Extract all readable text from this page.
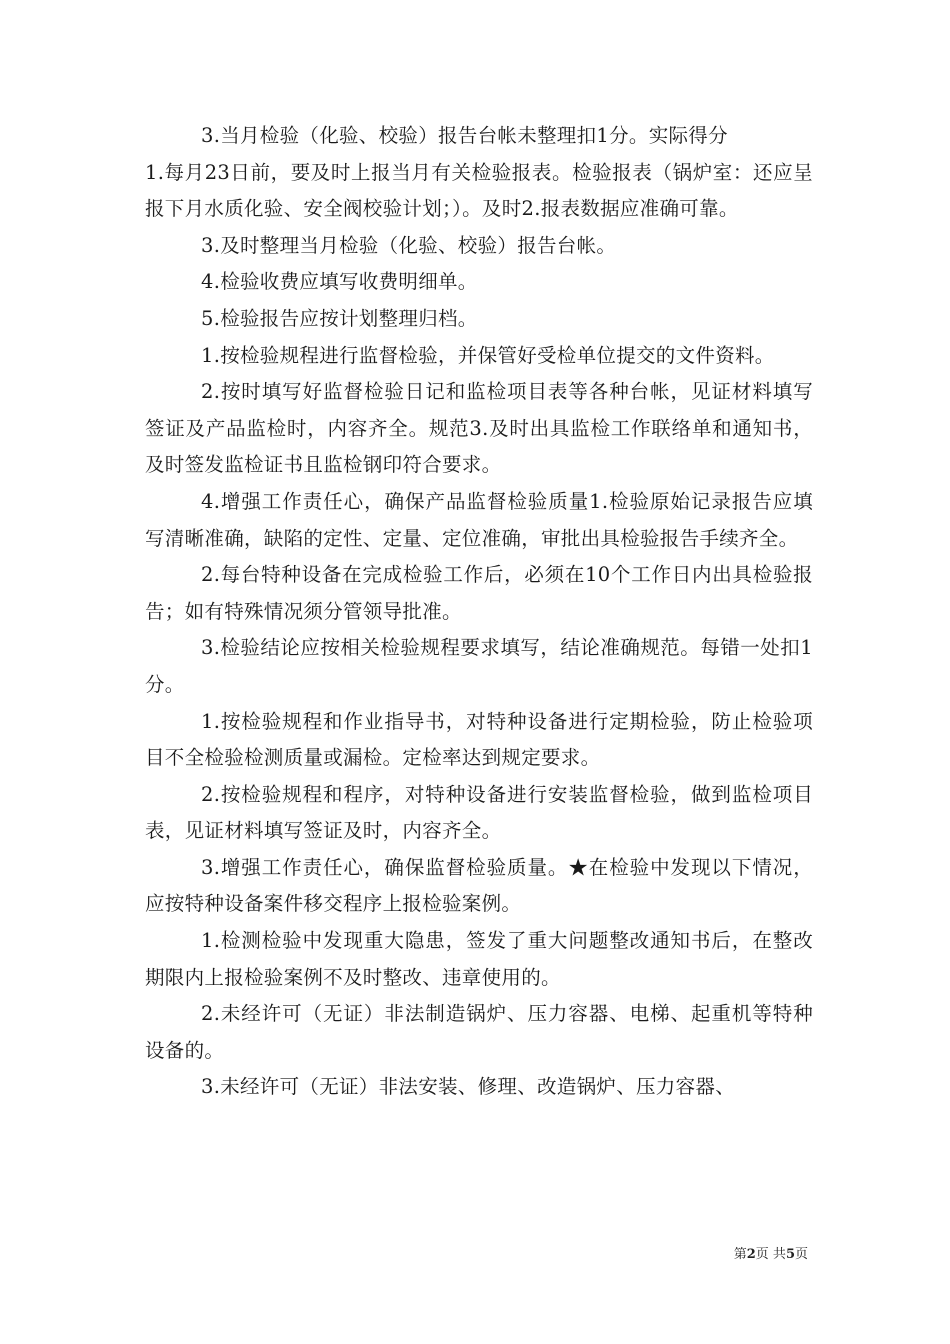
3.当月检验（化验、校验）报告台帐未整理扣1分。实际得分

1.每月23日前，要及时上报当月有关检验报表。检验报表（锅炉室：还应呈报下月水质化验、安全阀校验计划；）。及时2.报表数据应准确可靠。

3.及时整理当月检验（化验、校验）报告台帐。

4.检验收费应填写收费明细单。

5.检验报告应按计划整理归档。

1.按检验规程进行监督检验，并保管好受检单位提交的文件资料。

2.按时填写好监督检验日记和监检项目表等各种台帐，见证材料填写签证及产品监检时，内容齐全。规范3.及时出具监检工作联络单和通知书，及时签发监检证书且监检钢印符合要求。

4.增强工作责任心，确保产品监督检验质量1.检验原始记录报告应填写清晰准确，缺陷的定性、定量、定位准确，审批出具检验报告手续齐全。

2.每台特种设备在完成检验工作后，必须在10个工作日内出具检验报告；如有特殊情况须分管领导批准。

3.检验结论应按相关检验规程要求填写，结论准确规范。每错一处扣1分。

1.按检验规程和作业指导书，对特种设备进行定期检验，防止检验项目不全检验检测质量或漏检。定检率达到规定要求。

2.按检验规程和程序，对特种设备进行安装监督检验，做到监检项目表，见证材料填写签证及时，内容齐全。

3.增强工作责任心，确保监督检验质量。★在检验中发现以下情况，应按特种设备案件移交程序上报检验案例。

1.检测检验中发现重大隐患，签发了重大问题整改通知书后，在整改期限内上报检验案例不及时整改、违章使用的。

2.未经许可（无证）非法制造锅炉、压力容器、电梯、起重机等特种设备的。

3.未经许可（无证）非法安装、修理、改造锅炉、压力容器、

第2页 共5页
